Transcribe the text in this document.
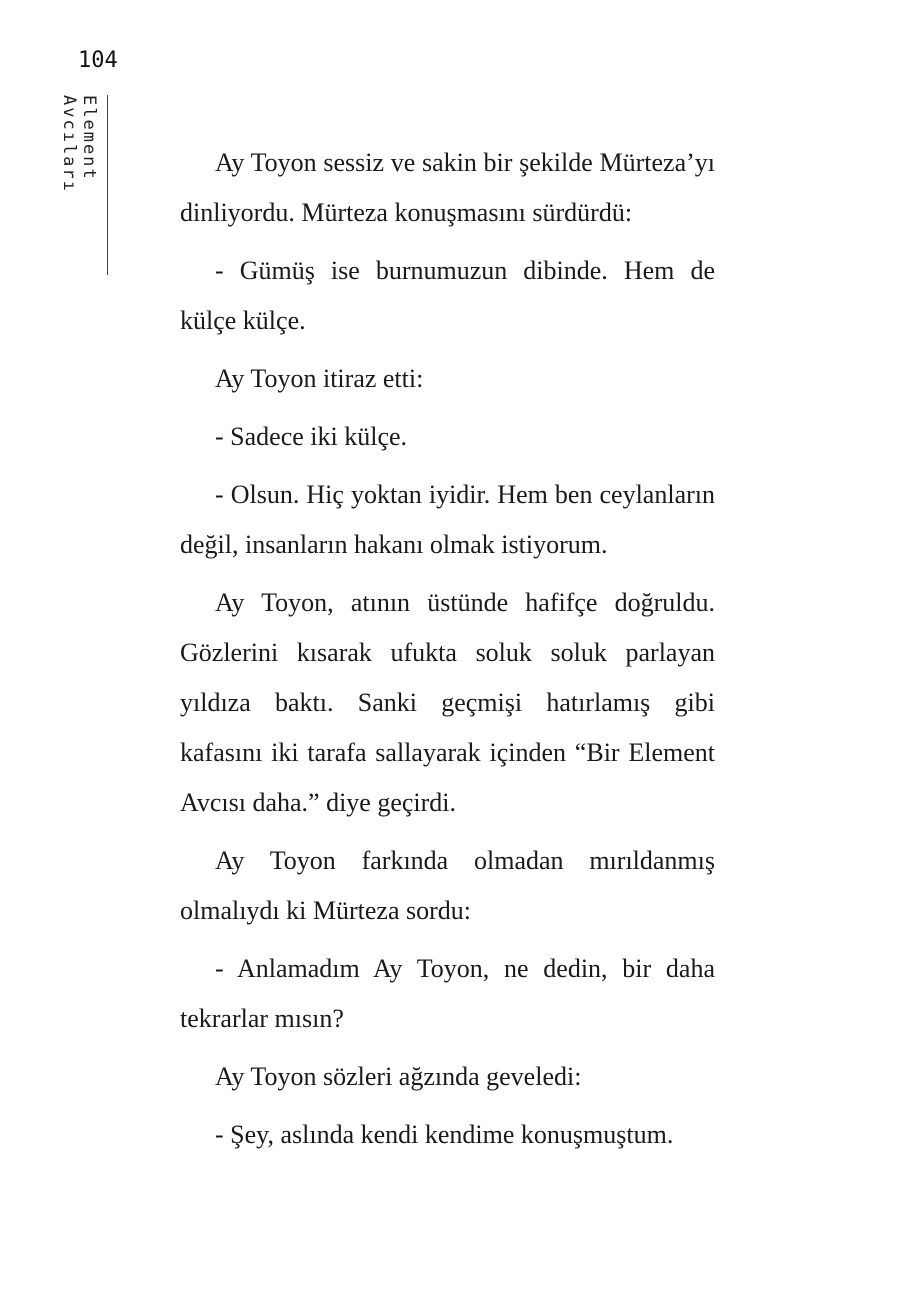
104
Element Avcıları	Ay Toyon sessiz ve sakin bir şekilde Mürteza’yı dinliyordu. Mürteza konuşmasını sürdürdü:

- Gümüş ise burnumuzun dibinde. Hem de külçe külçe.

Ay Toyon itiraz etti:

- Sadece iki külçe.

- Olsun. Hiç yoktan iyidir. Hem ben ceylanların değil, insanların hakanı olmak istiyorum.

Ay Toyon, atının üstünde hafifçe doğruldu. Gözlerini kısarak ufukta soluk soluk parlayan yıldıza baktı. Sanki geçmişi hatırlamış gibi kafasını iki tarafa sallayarak içinden “Bir Element Avcısı daha.” diye geçirdi.

Ay Toyon farkında olmadan mırıldanmış olmalıydı ki Mürteza sordu:

- Anlamadım Ay Toyon, ne dedin, bir daha tekrarlar mısın?

Ay Toyon sözleri ağzında geveledi:

- Şey, aslında kendi kendime konuşmuştum.
